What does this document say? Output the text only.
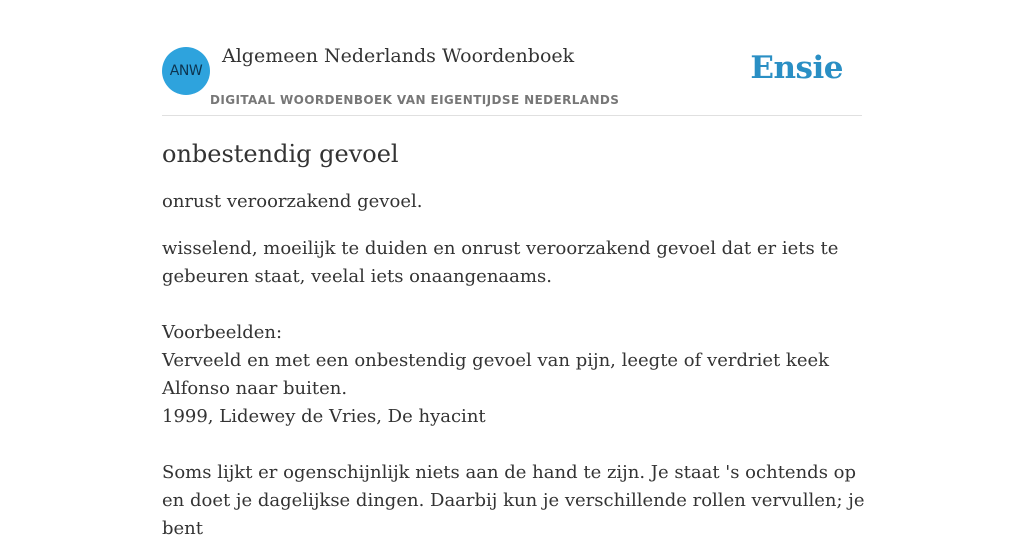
ANW
Algemeen Nederlands Woordenboek
DIGITAAL WOORDENBOEK VAN EIGENTIJDSE NEDERLANDS
Ensie
onbestendig gevoel

onrust veroorzakend gevoel.

wisselend, moeilijk te duiden en onrust veroorzakend gevoel dat er iets te gebeuren staat, veelal iets onaangenaams.

Voorbeelden:
Verveeld en met een onbestendig gevoel van pijn, leegte of verdriet keek Alfonso naar buiten.
1999, Lidewey de Vries, De hyacint
Soms lijkt er ogenschijnlijk niets aan de hand te zijn. Je staat 's ochtends op en doet je dagelijkse dingen. Daarbij kun je verschillende rollen vervullen; je bent
